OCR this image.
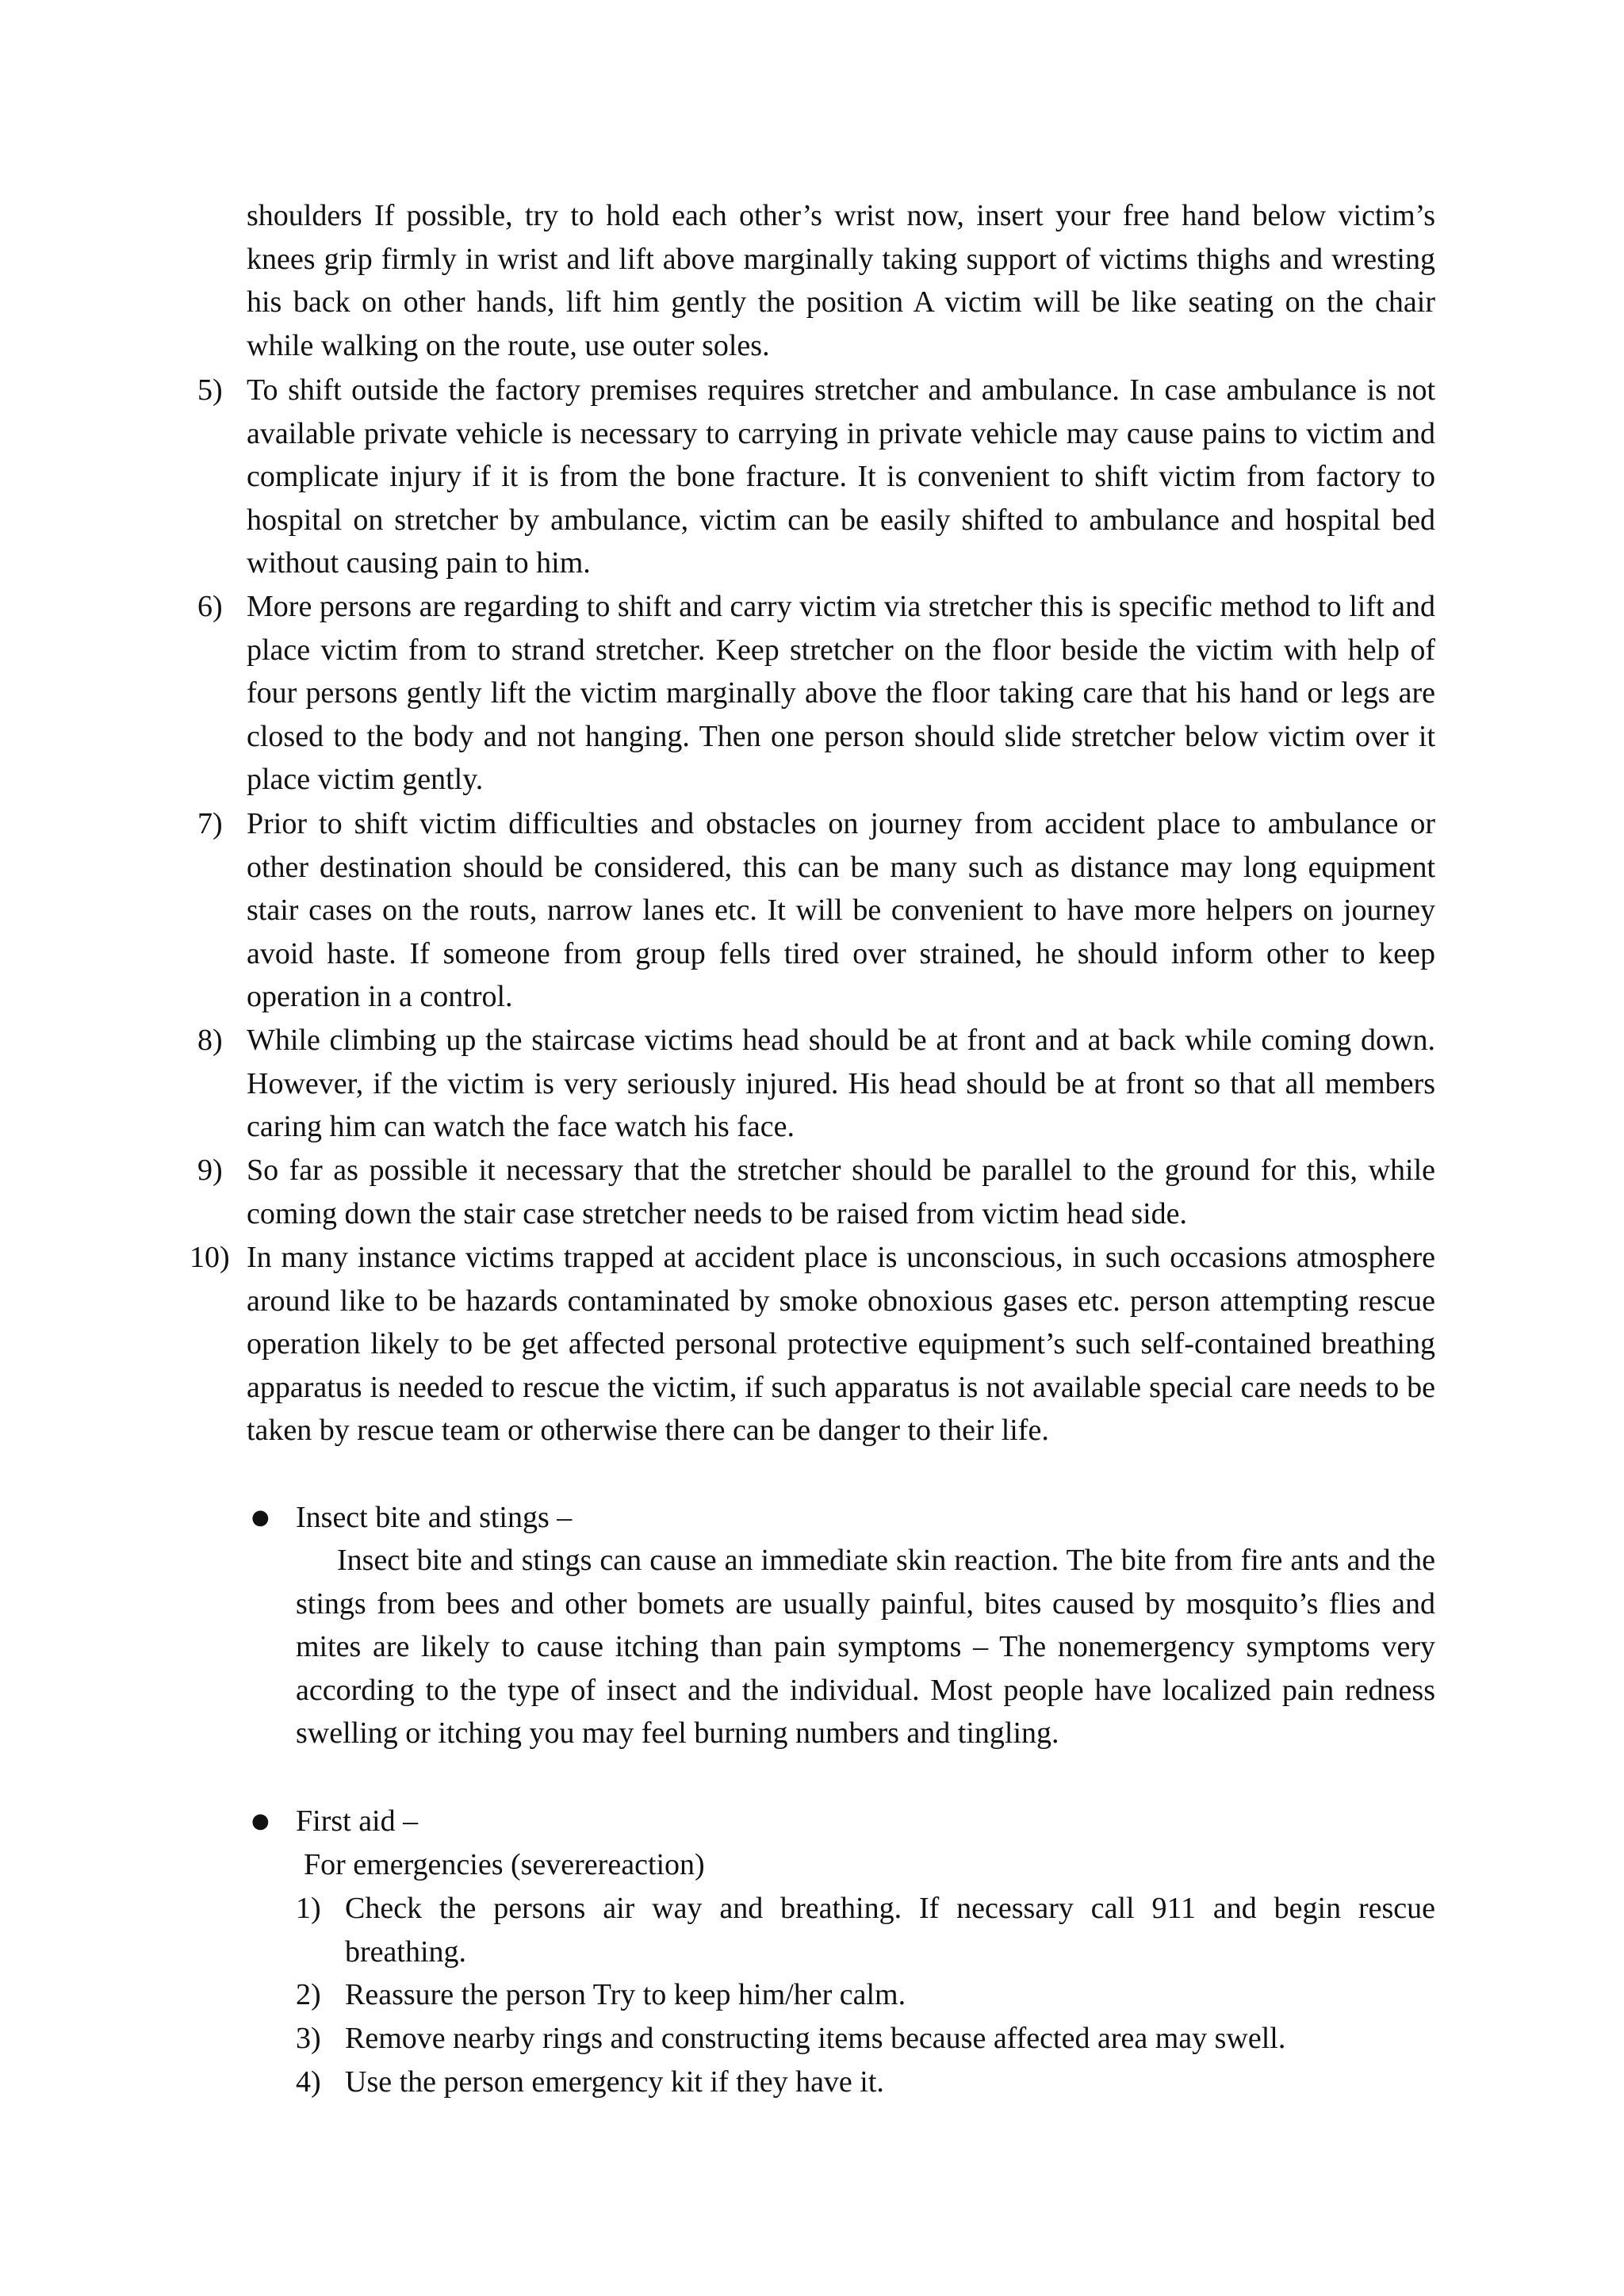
shoulders If possible, try to hold each other’s wrist now, insert your free hand below victim’s knees grip firmly in wrist and lift above marginally taking support of victims thighs and wresting his back on other hands, lift him gently the position A victim will be like seating on the chair while walking on the route, use outer soles.

5) To shift outside the factory premises requires stretcher and ambulance. In case ambulance is not available private vehicle is necessary to carrying in private vehicle may cause pains to victim and complicate injury if it is from the bone fracture. It is convenient to shift victim from factory to hospital on stretcher by ambulance, victim can be easily shifted to ambulance and hospital bed without causing pain to him.

6) More persons are regarding to shift and carry victim via stretcher this is specific method to lift and place victim from to strand stretcher. Keep stretcher on the floor beside the victim with help of four persons gently lift the victim marginally above the floor taking care that his hand or legs are closed to the body and not hanging. Then one person should slide stretcher below victim over it place victim gently.

7) Prior to shift victim difficulties and obstacles on journey from accident place to ambulance or other destination should be considered, this can be many such as distance may long equipment stair cases on the routs, narrow lanes etc. It will be convenient to have more helpers on journey avoid haste. If someone from group fells tired over strained, he should inform other to keep operation in a control.

8) While climbing up the staircase victims head should be at front and at back while coming down. However, if the victim is very seriously injured. His head should be at front so that all members caring him can watch the face watch his face.

9) So far as possible it necessary that the stretcher should be parallel to the ground for this, while coming down the stair case stretcher needs to be raised from victim head side.

10) In many instance victims trapped at accident place is unconscious, in such occasions atmosphere around like to be hazards contaminated by smoke obnoxious gases etc. person attempting rescue operation likely to be get affected personal protective equipment’s such self-contained breathing apparatus is needed to rescue the victim, if such apparatus is not available special care needs to be taken by rescue team or otherwise there can be danger to their life.

● Insect bite and stings –

Insect bite and stings can cause an immediate skin reaction. The bite from fire ants and the stings from bees and other bomets are usually painful, bites caused by mosquito’s flies and mites are likely to cause itching than pain symptoms – The nonemergency symptoms very according to the type of insect and the individual. Most people have localized pain redness swelling or itching you may feel burning numbers and tingling.

● First aid –

For emergencies (severereaction)

1) Check the persons air way and breathing. If necessary call 911 and begin rescue breathing.

2) Reassure the person Try to keep him/her calm.

3) Remove nearby rings and constructing items because affected area may swell.

4) Use the person emergency kit if they have it.
